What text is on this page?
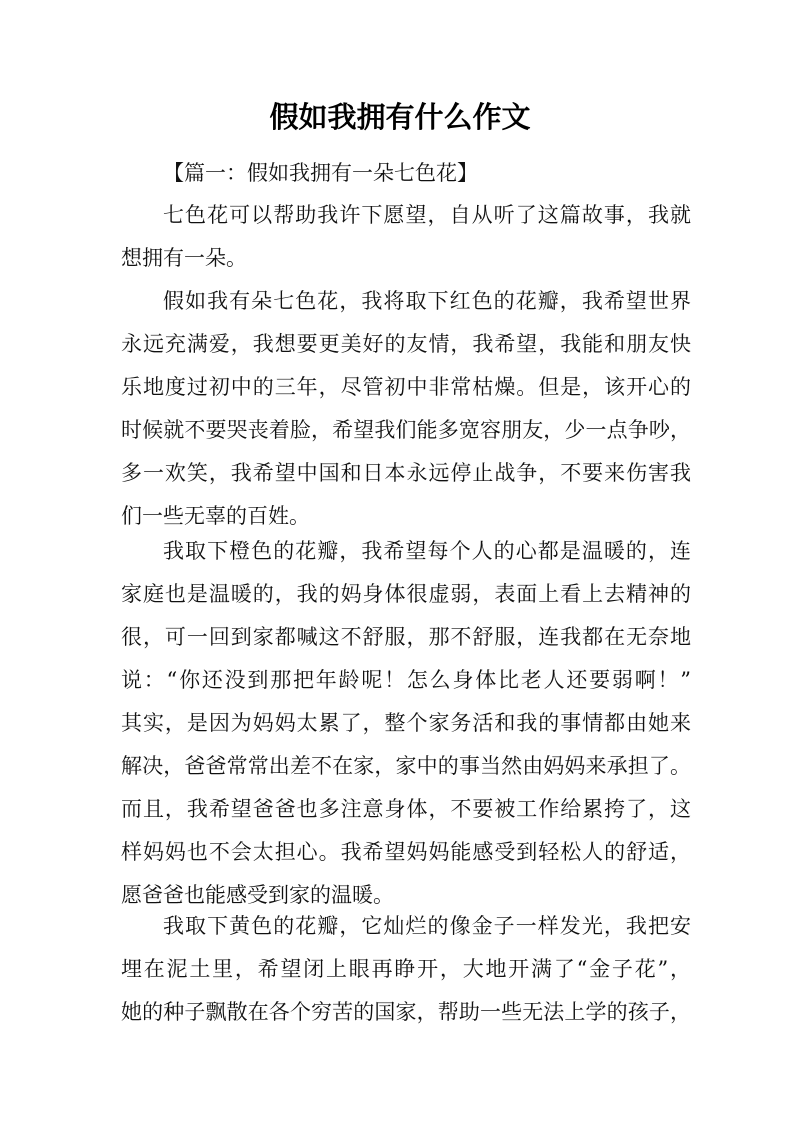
假如我拥有什么作文
【篇一：假如我拥有一朵七色花】
七色花可以帮助我许下愿望，自从听了这篇故事，我就
想拥有一朵。
假如我有朵七色花，我将取下红色的花瓣，我希望世界
永远充满爱，我想要更美好的友情，我希望，我能和朋友快
乐地度过初中的三年，尽管初中非常枯燥。但是，该开心的
时候就不要哭丧着脸，希望我们能多宽容朋友，少一点争吵，
多一欢笑，我希望中国和日本永远停止战争，不要来伤害我
们一些无辜的百姓。
我取下橙色的花瓣，我希望每个人的心都是温暖的，连
家庭也是温暖的，我的妈身体很虚弱，表面上看上去精神的
很，可一回到家都喊这不舒服，那不舒服，连我都在无奈地
说：“你还没到那把年龄呢！怎么身体比老人还要弱啊！”
其实，是因为妈妈太累了，整个家务活和我的事情都由她来
解决，爸爸常常出差不在家，家中的事当然由妈妈来承担了。
而且，我希望爸爸也多注意身体，不要被工作给累挎了，这
样妈妈也不会太担心。我希望妈妈能感受到轻松人的舒适，
愿爸爸也能感受到家的温暖。
我取下黄色的花瓣，它灿烂的像金子一样发光，我把安
埋在泥土里，希望闭上眼再睁开，大地开满了“金子花”，
她的种子飘散在各个穷苦的国家，帮助一些无法上学的孩子，
